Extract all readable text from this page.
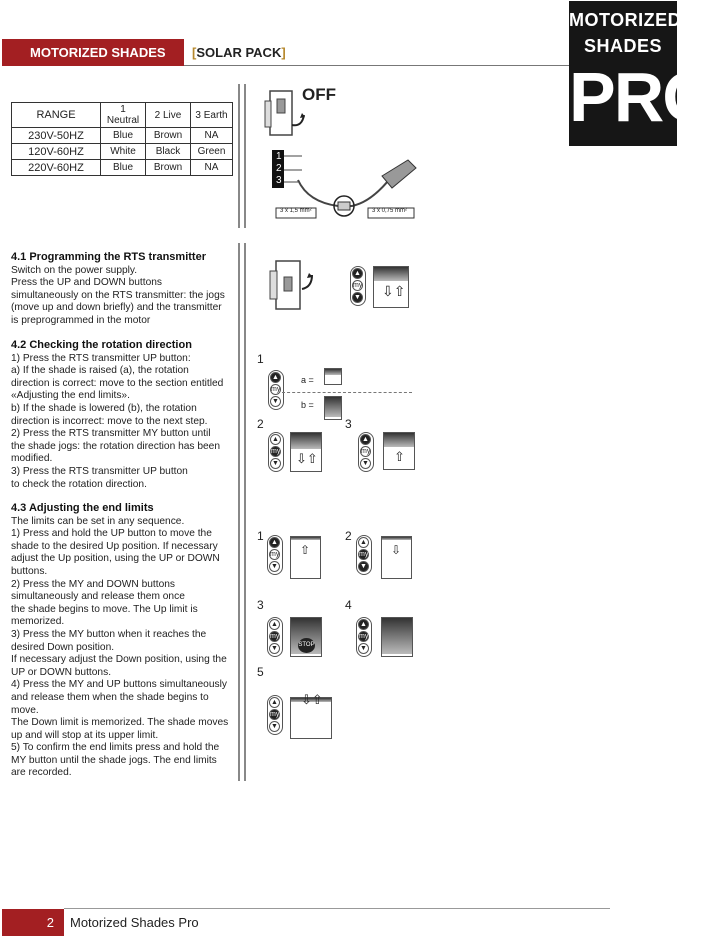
MOTORIZED SHADES PRO
[SOLAR PACK]
MOTORIZED
SHADES
PRO
RANGE	1 Neutral	2 Live	3 Earth
230V-50HZ	Blue	Brown	NA
120V-60HZ	White	Black	Green
220V-60HZ	Blue	Brown	NA
OFF
1
2
3
3 x 1,5 mm²	3 x 0,75 mm²
4.1 Programming the RTS transmitter

Switch on the power supply.
Press the UP and DOWN buttons
simultaneously on the RTS transmitter: the jogs
(move up and down briefly) and the transmitter
is preprogrammed in the motor

4.2 Checking the rotation direction

1) Press the RTS transmitter UP button:
a) If the shade is raised (a), the rotation
direction is correct: move to the section entitled
«Adjusting the end limits».
b) If the shade is lowered (b), the rotation
direction is incorrect: move to the next step.
2) Press the RTS transmitter MY button until
the shade jogs: the rotation direction has been
modified.
3) Press the RTS transmitter UP button
to check the rotation direction.

4.3 Adjusting the end limits

The limits can be set in any sequence.
1) Press and hold the UP button to move the
shade to the desired Up position. If necessary
adjust the Up position, using the UP or DOWN
buttons.
2) Press the MY and DOWN buttons
simultaneously and release them once
the shade begins to move. The Up limit is
memorized.
3) Press the MY button when it reaches the
desired Down position.
If necessary adjust the Down position, using the
UP or DOWN buttons.
4) Press the MY and UP buttons simultaneously
and release them when the shade begins to
move.
The Down limit is memorized. The shade moves
up and will stop at its upper limit.
5) To confirm the end limits press and hold the
MY button until the shade jogs. The end limits
are recorded.

▲
my
▼ ⇩⇧
1
▲
my
▼
a =
b =
2
▲
my
▼ ⇩⇧
3
▲
my
▼ ⇧
1 ▲
my
▼
⇧
2 ▲
my
▼
⇩
3
▲
my
▼	STOP
4
▲
my
▼
5
▲
my
▼
⇩⇧
2	Motorized Shades Pro
